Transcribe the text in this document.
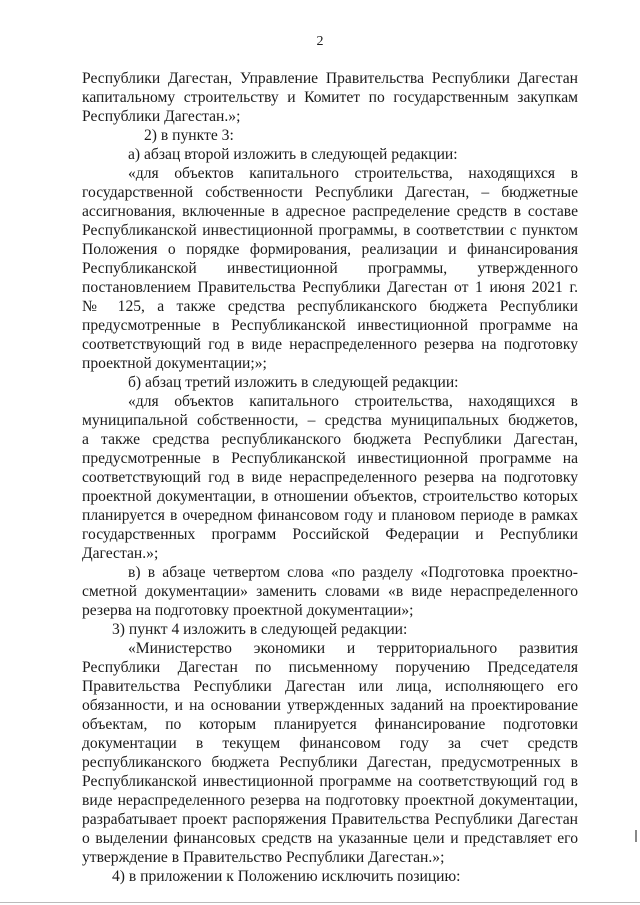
2
Республики Дагестан, Управление Правительства Республики Дагестан
капитальному строительству и Комитет по государственным закупкам
Республики Дагестан.»;
2) в пункте 3:
а) абзац второй изложить в следующей редакции:
«для объектов капитального строительства, находящихся в
государственной собственности Республики Дагестан, – бюджетные
ассигнования, включенные в адресное распределение средств в составе
Республиканской инвестиционной программы, в соответствии с пунктом
Положения о порядке формирования, реализации и финансирования
Республиканской инвестиционной программы, утвержденного
постановлением Правительства Республики Дагестан от 1 июня 2021 г.
№ 125, а также средства республиканского бюджета Республики
предусмотренные в Республиканской инвестиционной программе на
соответствующий год в виде нераспределенного резерва на подготовку
проектной документации;»;
б) абзац третий изложить в следующей редакции:
«для объектов капитального строительства, находящихся в
муниципальной собственности, – средства муниципальных бюджетов,
а также средства республиканского бюджета Республики Дагестан,
предусмотренные в Республиканской инвестиционной программе на
соответствующий год в виде нераспределенного резерва на подготовку
проектной документации, в отношении объектов, строительство которых
планируется в очередном финансовом году и плановом периоде в рамках
государственных программ Российской Федерации и Республики
Дагестан.»;
в) в абзаце четвертом слова «по разделу «Подготовка проектно-
сметной документации» заменить словами «в виде нераспределенного
резерва на подготовку проектной документации»;
3) пункт 4 изложить в следующей редакции:
«Министерство экономики и территориального развития
Республики Дагестан по письменному поручению Председателя
Правительства Республики Дагестан или лица, исполняющего его
обязанности, и на основании утвержденных заданий на проектирование
объектам, по которым планируется финансирование подготовки
документации в текущем финансовом году за счет средств
республиканского бюджета Республики Дагестан, предусмотренных в
Республиканской инвестиционной программе на соответствующий год в
виде нераспределенного резерва на подготовку проектной документации,
разрабатывает проект распоряжения Правительства Республики Дагестан
о выделении финансовых средств на указанные цели и представляет его
утверждение в Правительство Республики Дагестан.»;
4) в приложении к Положению исключить позицию:
